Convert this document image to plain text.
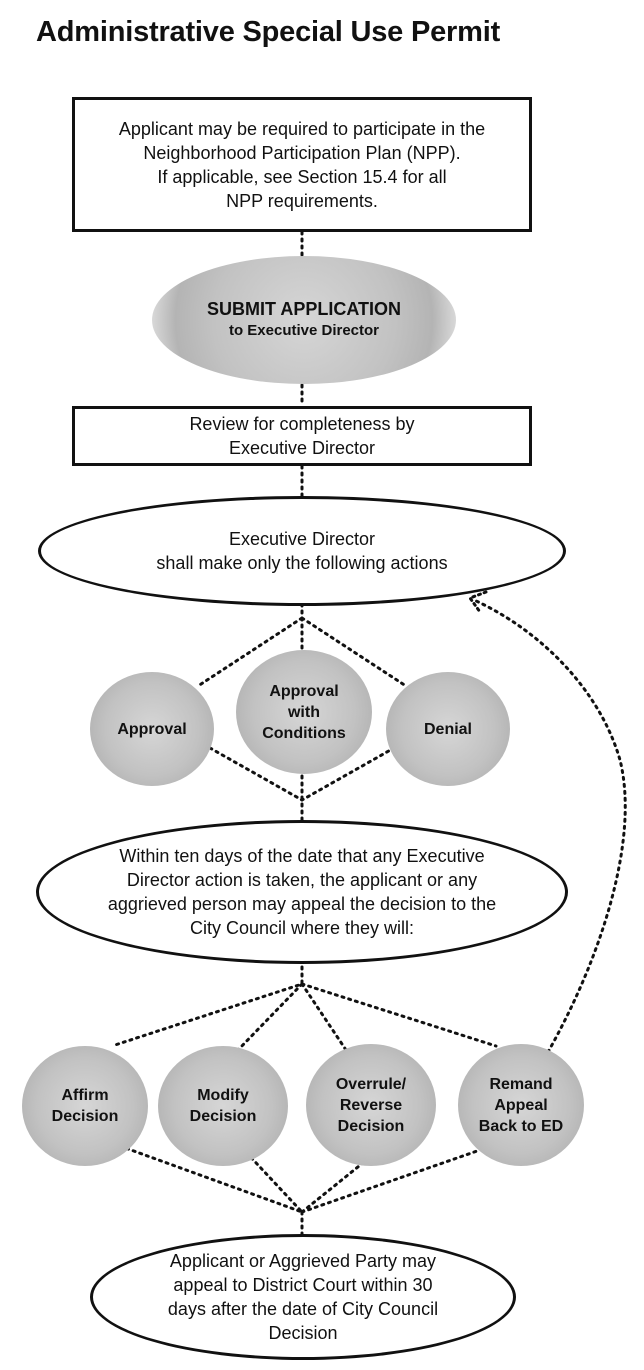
Administrative Special Use Permit
Applicant may be required to participate in the
Neighborhood Participation Plan (NPP).
If applicable, see Section 15.4 for all
NPP requirements.
SUBMIT APPLICATION
to Executive Director
Review for completeness by
Executive Director
Executive Director
shall make only the following actions
Approval
Approval
with
Conditions	Denial
Within ten days of the date that any Executive
Director action is taken, the applicant or any
aggrieved person may appeal the decision to the
City Council where they will:
Affirm
Decision
Modify
Decision
Overrule/
Reverse
Decision
Remand
Appeal
Back to ED
Applicant or Aggrieved Party may
appeal to District Court within 30
days after the date of City Council
Decision
